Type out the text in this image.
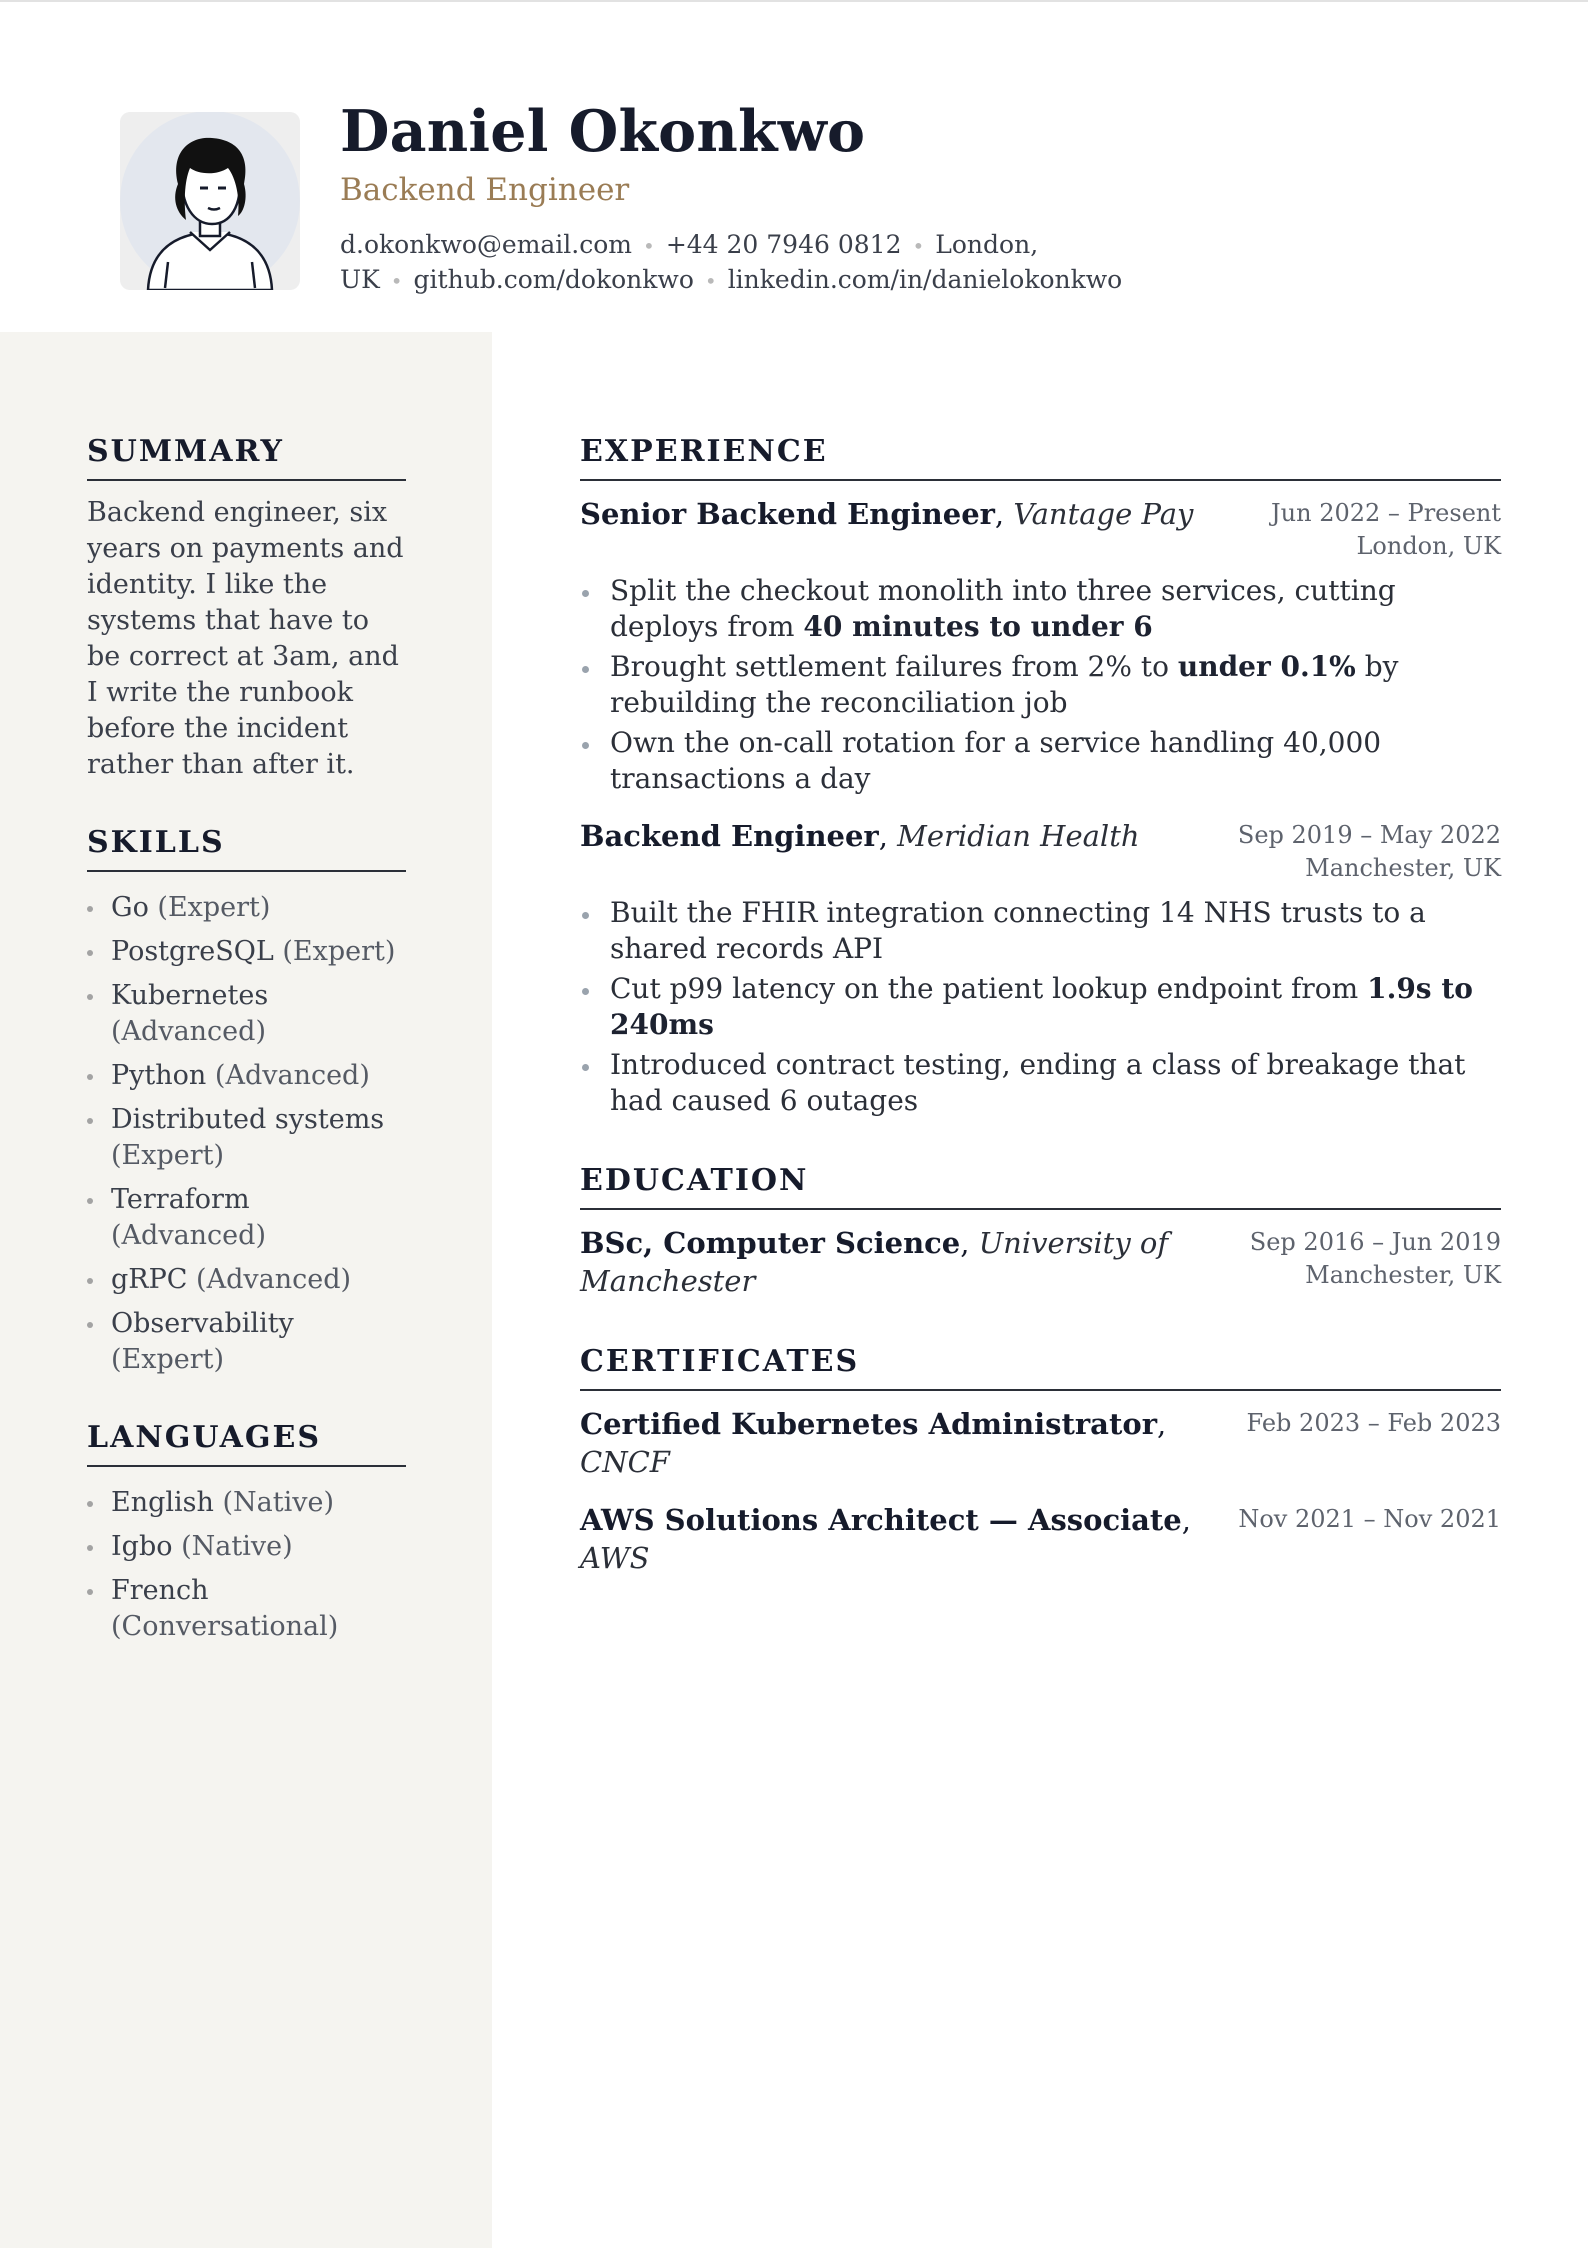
Daniel Okonkwo
Backend Engineer
d.okonkwo@email.com • +44 20 7946 0812 • London, UK • github.com/dokonkwo • linkedin.com/in/danielokonkwo
SUMMARY

Backend engineer, six years on payments and identity. I like the systems that have to be correct at 3am, and I write the runbook before the incident rather than after it.

SKILLS
Go (Expert)
PostgreSQL (Expert)
Kubernetes (Advanced)
Python (Advanced)
Distributed systems (Expert)
Terraform (Advanced)
gRPC (Advanced)
Observability (Expert)
LANGUAGES
English (Native)
Igbo (Native)
French (Conversational)
EXPERIENCE
Senior Backend Engineer, Vantage Pay	Jun 2022 – Present
London, UK
Split the checkout monolith into three services, cutting deploys from 40 minutes to under 6
Brought settlement failures from 2% to under 0.1% by rebuilding the reconciliation job
Own the on-call rotation for a service handling 40,000 transactions a day
Backend Engineer, Meridian Health	Sep 2019 – May 2022
Manchester, UK
Built the FHIR integration connecting 14 NHS trusts to a shared records API
Cut p99 latency on the patient lookup endpoint from 1.9s to 240ms
Introduced contract testing, ending a class of breakage that had caused 6 outages
EDUCATION
BSc, Computer Science, University of Manchester
Sep 2016 – Jun 2019
Manchester, UK
CERTIFICATES
Certified Kubernetes Administrator,
CNCF
Feb 2023 – Feb 2023
AWS Solutions Architect — Associate,
AWS
Nov 2021 – Nov 2021
